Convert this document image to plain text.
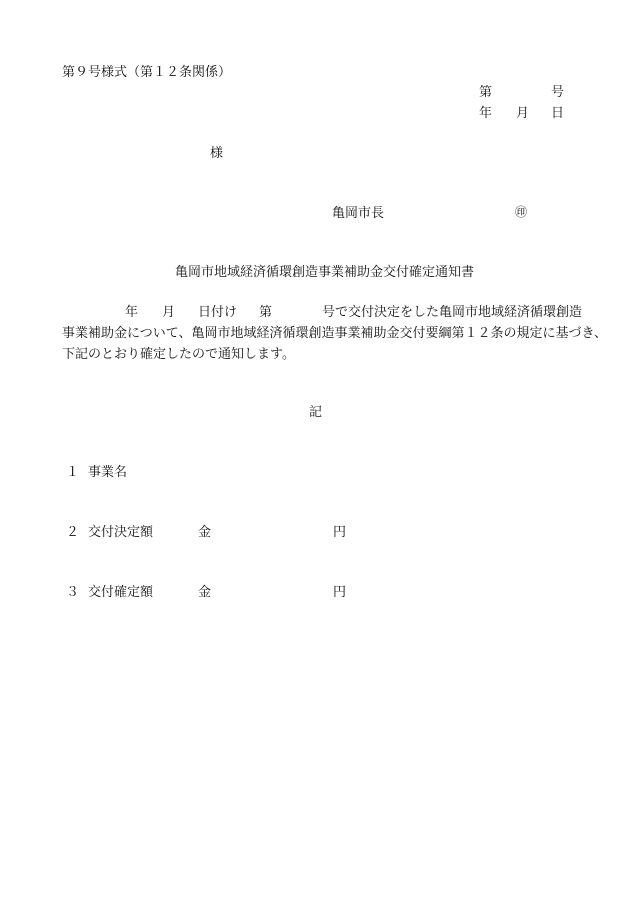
第９号様式（第１２条関係）
第	号
年 月 日
様
亀岡市長	㊞
亀岡市地域経済循環創造事業補助金交付確定通知書
年 月 日付け 第	号で交付決定をした亀岡市地域経済循環創造
事業補助金について、亀岡市地域経済循環創造事業補助金交付要綱第１２条の規定に基づき、
下記のとおり確定したので通知します。
記
１ 事業名
２ 交付決定額	金	円
３ 交付確定額	金	円
